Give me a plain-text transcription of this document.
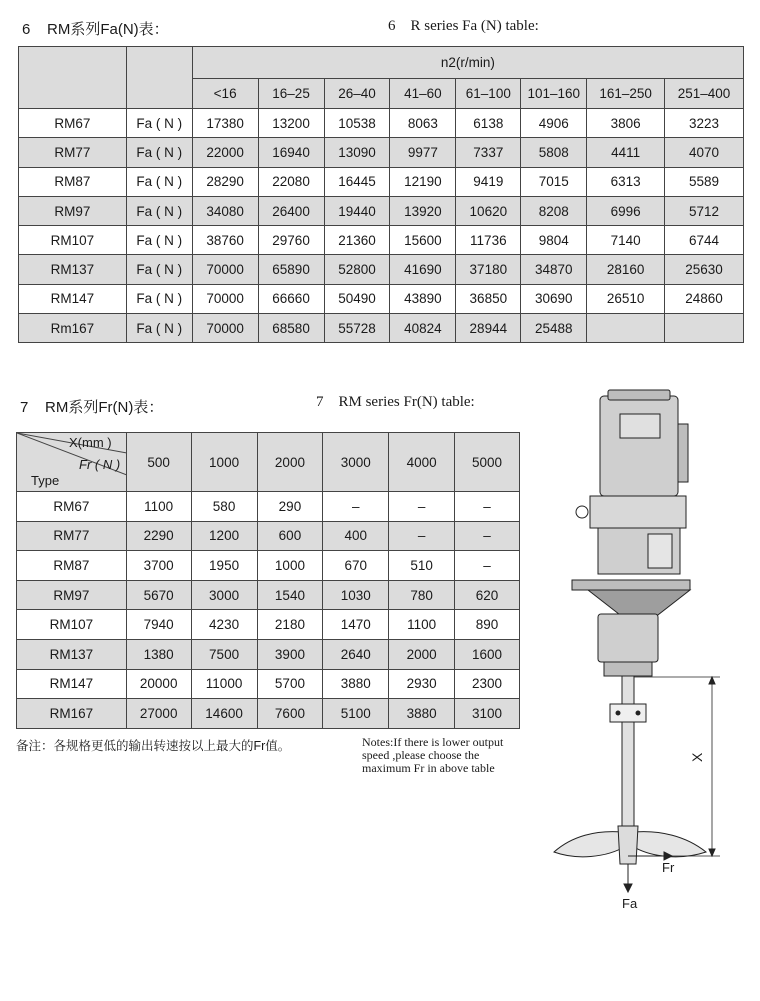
6 RM系列Fa(N)表：	6 R series Fa (N) table:
		n2(r/min)							
		<16	16–25	26–40	41–60	61–100	101–160	161–250	251–400
RM67	Fa ( N )	17380	13200	10538	8063	6138	4906	3806	3223
RM77	Fa ( N )	22000	16940	13090	9977	7337	5808	4411	4070
RM87	Fa ( N )	28290	22080	16445	12190	9419	7015	6313	5589
RM97	Fa ( N )	34080	26400	19440	13920	10620	8208	6996	5712
RM107	Fa ( N )	38760	29760	21360	15600	11736	9804	7140	6744
RM137	Fa ( N )	70000	65890	52800	41690	37180	34870	28160	25630
RM147	Fa ( N )	70000	66660	50490	43890	36850	30690	26510	24860
Rm167	Fa ( N )	70000	68580	55728	40824	28944	25488		
7 RM系列Fr(N)表：	7 RM series Fr(N) table:
X(mm )
Fr ( N )
Type	500	1000	2000	3000	4000	5000
RM67	1100	580	290	–	–	–
RM77	2290	1200	600	400	–	–
RM87	3700	1950	1000	670	510	–
RM97	5670	3000	1540	1030	780	620
RM107	7940	4230	2180	1470	1100	890
RM137	1380	7500	3900	2640	2000	1600
RM147	20000	11000	5700	3880	2930	2300
RM167	27000	14600	7600	5100	3880	3100
备注：各规格更低的输出转速按以上最大的Fr值。	Notes:If there is lower output
speed ,please choose the
maximum Fr in above table
X
Fr
Fa
